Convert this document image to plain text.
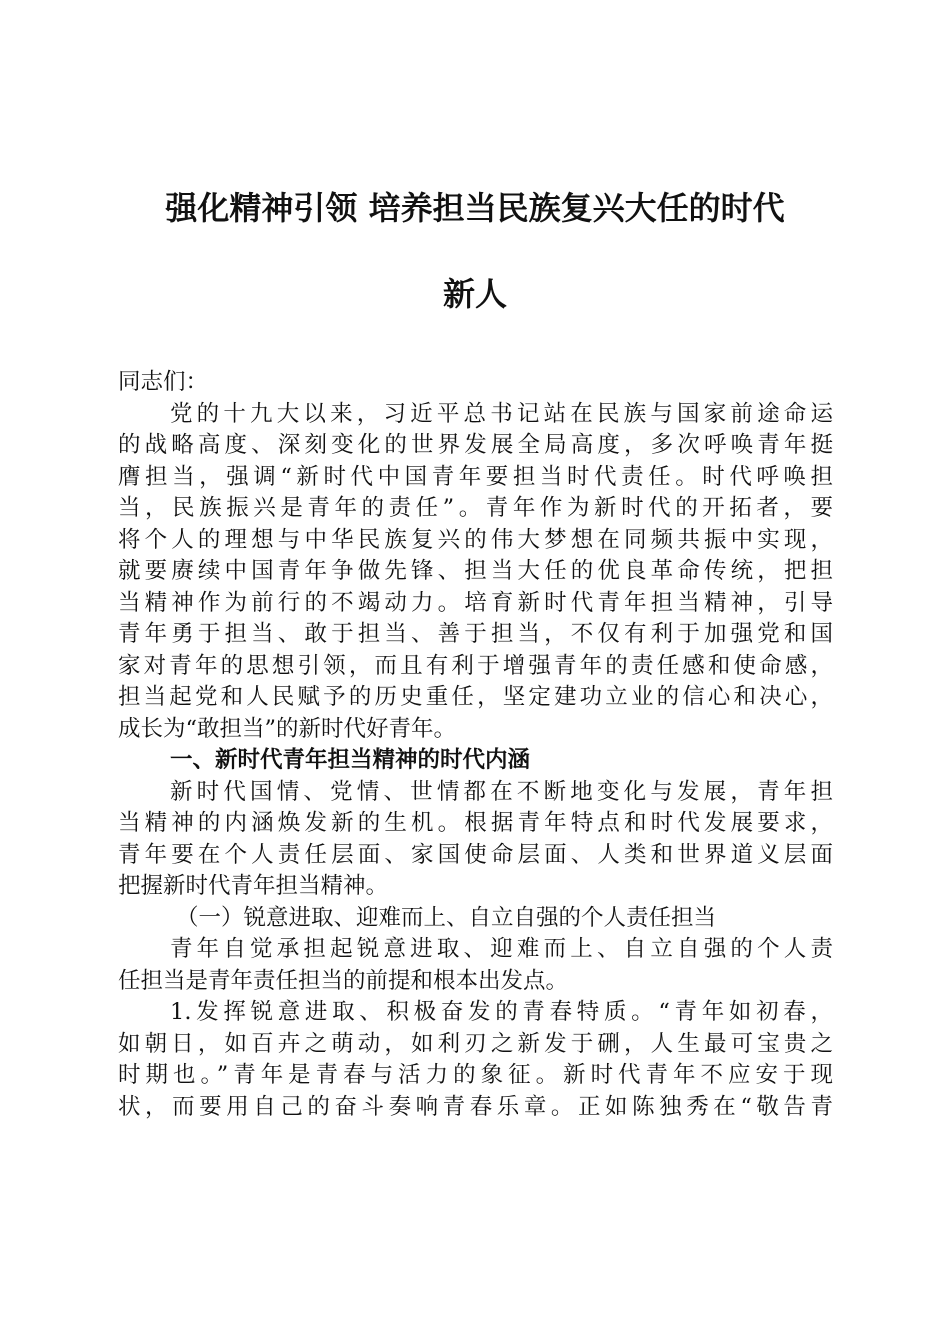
强化精神引领 培养担当民族复兴大任的时代
新人
同志们：
党的十九大以来，习近平总书记站在民族与国家前途命运
的战略高度、深刻变化的世界发展全局高度，多次呼唤青年挺
膺担当，强调“新时代中国青年要担当时代责任。时代呼唤担
当，民族振兴是青年的责任”。青年作为新时代的开拓者，要
将个人的理想与中华民族复兴的伟大梦想在同频共振中实现，
就要赓续中国青年争做先锋、担当大任的优良革命传统，把担
当精神作为前行的不竭动力。培育新时代青年担当精神，引导
青年勇于担当、敢于担当、善于担当，不仅有利于加强党和国
家对青年的思想引领，而且有利于增强青年的责任感和使命感，
担当起党和人民赋予的历史重任，坚定建功立业的信心和决心，
成长为“敢担当”的新时代好青年。
一、新时代青年担当精神的时代内涵
新时代国情、党情、世情都在不断地变化与发展，青年担
当精神的内涵焕发新的生机。根据青年特点和时代发展要求，
青年要在个人责任层面、家国使命层面、人类和世界道义层面
把握新时代青年担当精神。
（一）锐意进取、迎难而上、自立自强的个人责任担当
青年自觉承担起锐意进取、迎难而上、自立自强的个人责
任担当是青年责任担当的前提和根本出发点。
1.发挥锐意进取、积极奋发的青春特质。“青年如初春，
如朝日，如百卉之萌动，如利刃之新发于硎，人生最可宝贵之
时期也。”青年是青春与活力的象征。新时代青年不应安于现
状，而要用自己的奋斗奏响青春乐章。正如陈独秀在“敬告青
